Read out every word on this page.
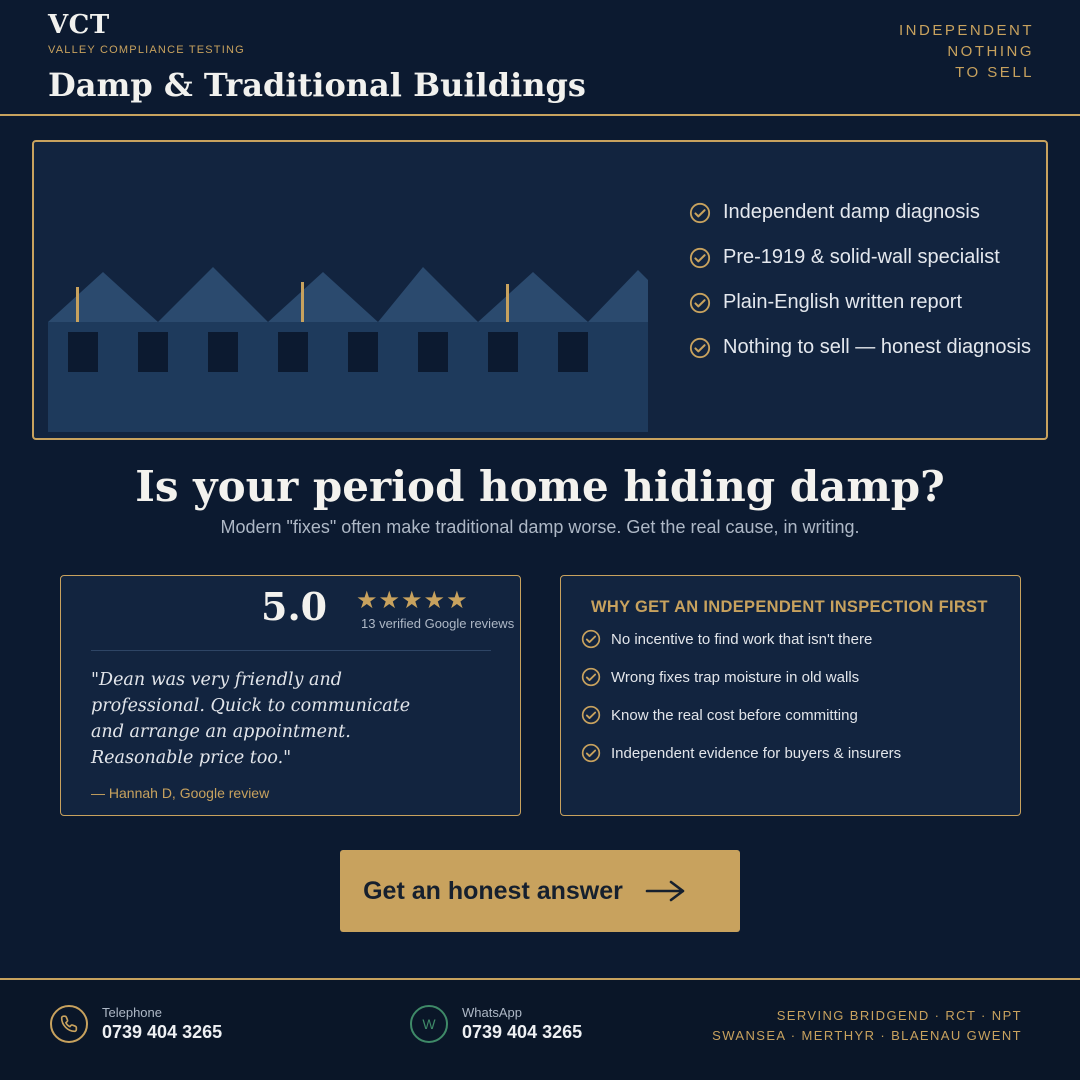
VCT
VALLEY COMPLIANCE TESTING
Damp & Traditional Buildings
INDEPENDENT
NOTHING
TO SELL
Independent damp diagnosis
Pre-1919 & solid-wall specialist
Plain-English written report
Nothing to sell — honest diagnosis
Is your period home hiding damp?

Modern "fixes" often make traditional damp worse. Get the real cause, in writing.

5.0 ★★★★★
13 verified Google reviews
"Dean was very friendly and professional. Quick to communicate and arrange an appointment. Reasonable price too."
— Hannah D, Google review
WHY GET AN INDEPENDENT INSPECTION FIRST
No incentive to find work that isn't there
Wrong fixes trap moisture in old walls
Know the real cost before committing
Independent evidence for buyers & insurers
Get an honest answer
Telephone
0739 404 3265	W
WhatsApp
0739 404 3265
SERVING BRIDGEND · RCT · NPT
SWANSEA · MERTHYR · BLAENAU GWENT
